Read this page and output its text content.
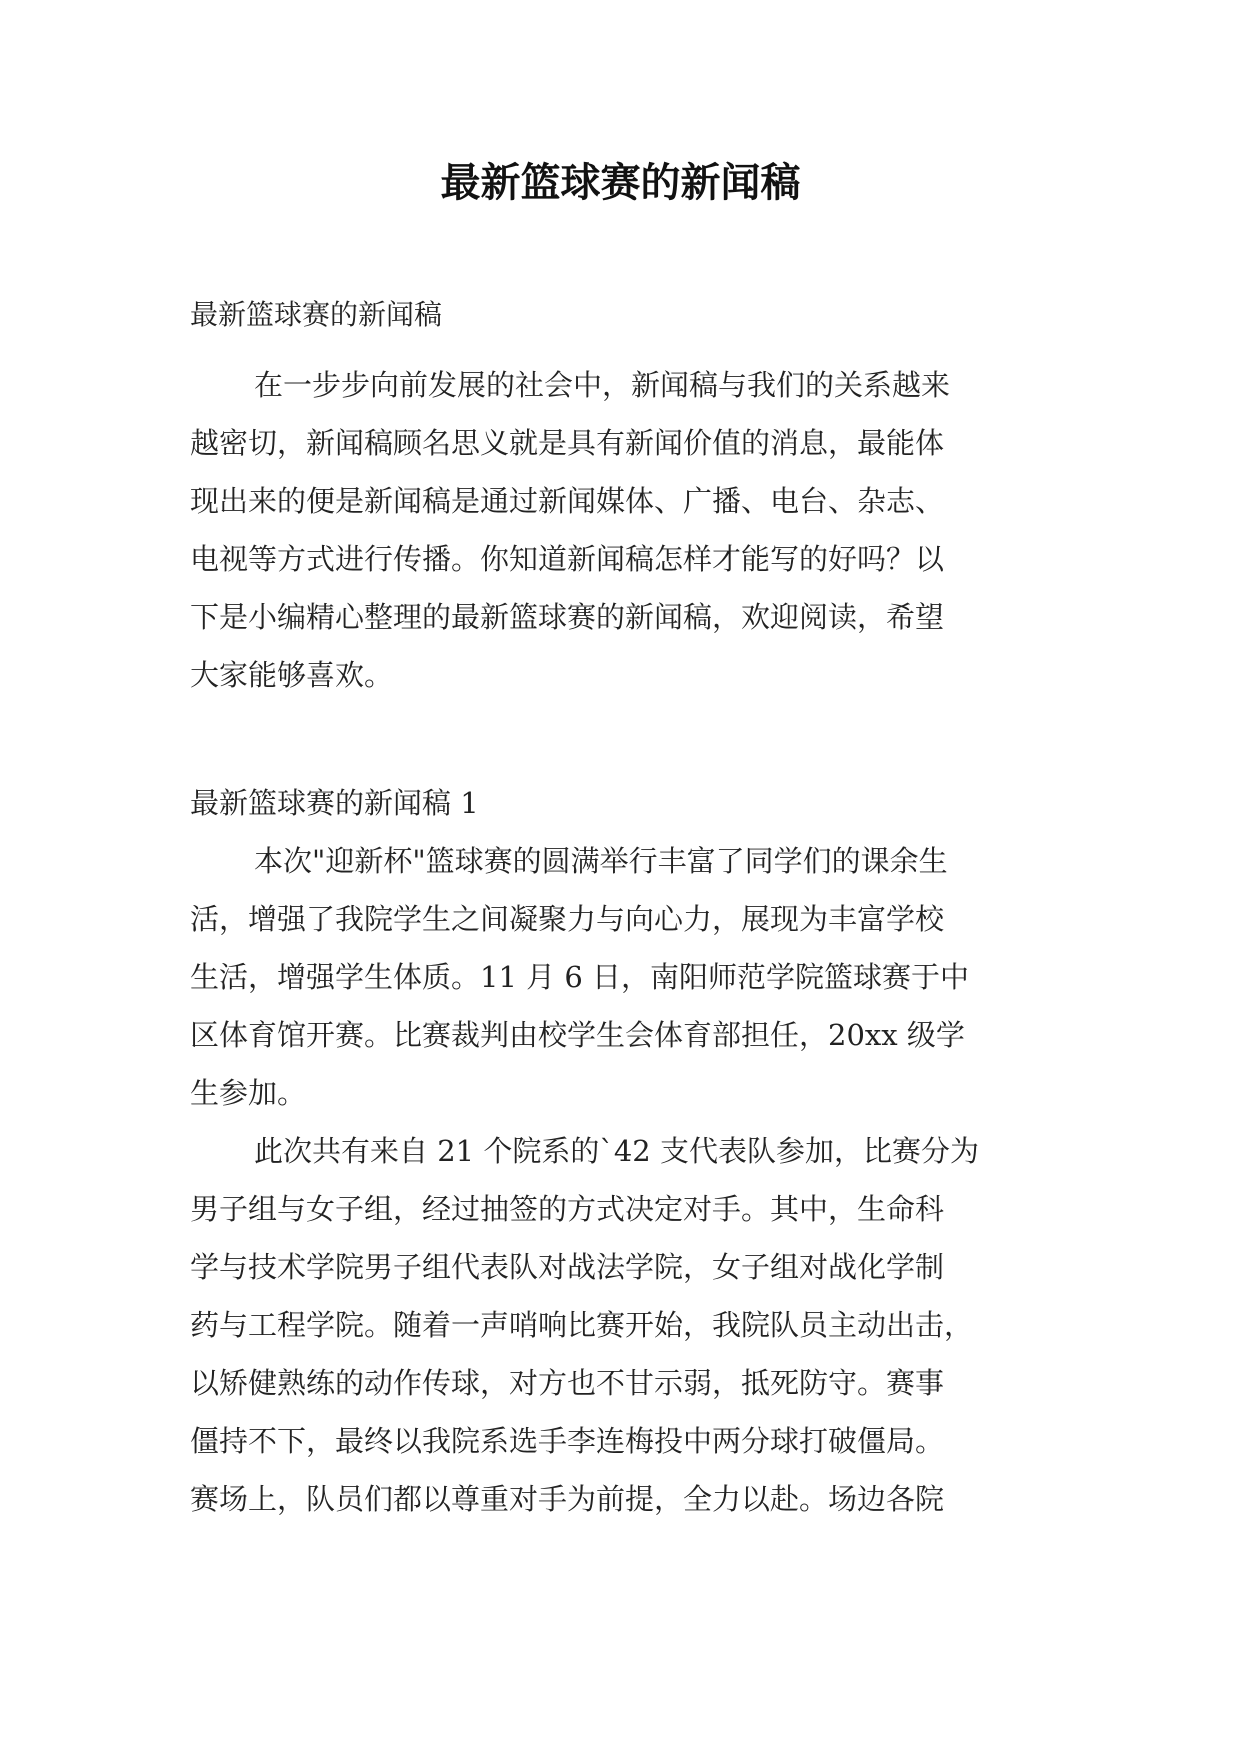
最新篮球赛的新闻稿

最新篮球赛的新闻稿

在一步步向前发展的社会中，新闻稿与我们的关系越来
越密切，新闻稿顾名思义就是具有新闻价值的消息，最能体
现出来的便是新闻稿是通过新闻媒体、广播、电台、杂志、
电视等方式进行传播。你知道新闻稿怎样才能写的好吗？以
下是小编精心整理的最新篮球赛的新闻稿，欢迎阅读，希望
大家能够喜欢。

最新篮球赛的新闻稿 1

本次"迎新杯"篮球赛的圆满举行丰富了同学们的课余生
活，增强了我院学生之间凝聚力与向心力，展现为丰富学校
生活，增强学生体质。11 月 6 日，南阳师范学院篮球赛于中
区体育馆开赛。比赛裁判由校学生会体育部担任，20xx 级学
生参加。
此次共有来自 21 个院系的`42 支代表队参加，比赛分为
男子组与女子组，经过抽签的方式决定对手。其中，生命科
学与技术学院男子组代表队对战法学院，女子组对战化学制
药与工程学院。随着一声哨响比赛开始，我院队员主动出击，
以矫健熟练的动作传球，对方也不甘示弱，抵死防守。赛事
僵持不下，最终以我院系选手李连梅投中两分球打破僵局。
赛场上，队员们都以尊重对手为前提，全力以赴。场边各院
